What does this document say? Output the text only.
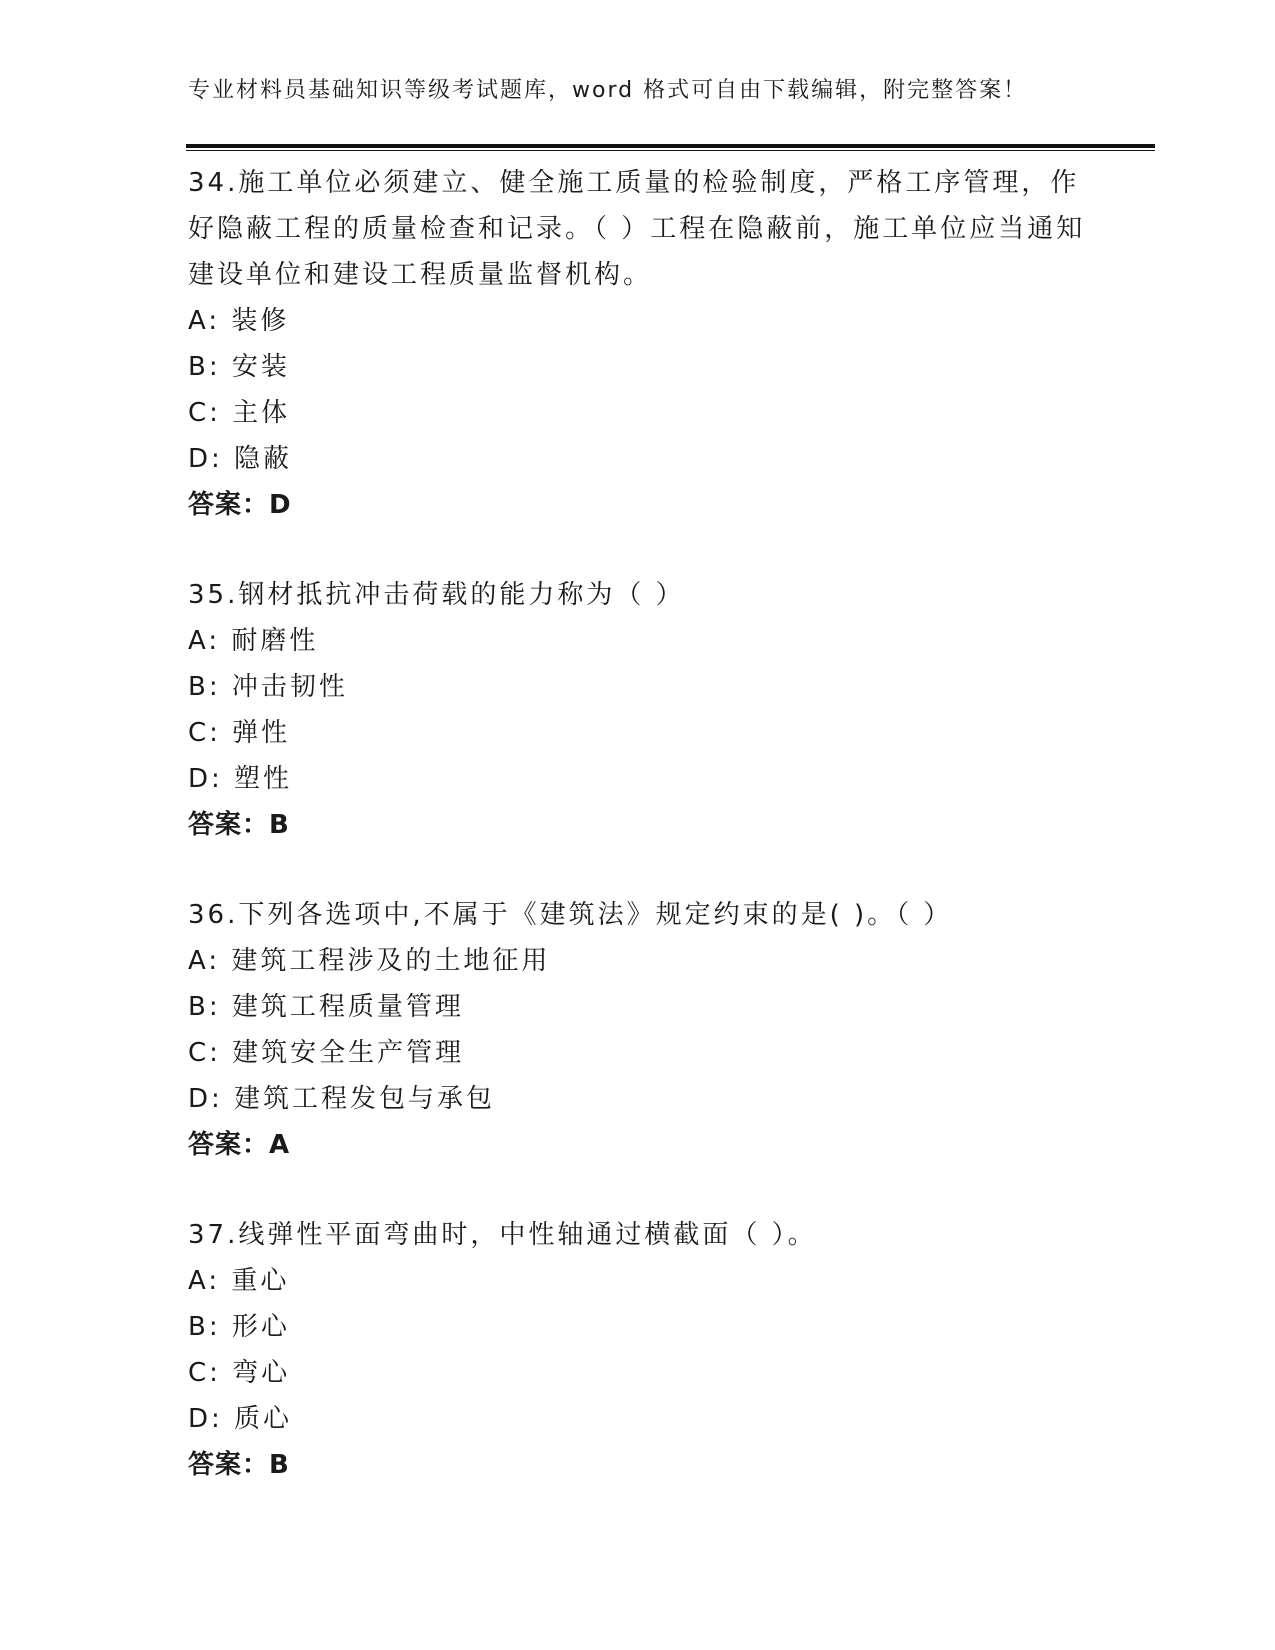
专业材料员基础知识等级考试题库，word 格式可自由下载编辑，附完整答案！
34.施工单位必须建立、健全施工质量的检验制度，严格工序管理，作好隐蔽工程的质量检查和记录。（ ）工程在隐蔽前，施工单位应当通知建设单位和建设工程质量监督机构。
A: 装修
B: 安装
C: 主体
D: 隐蔽
答案：D
35.钢材抵抗冲击荷载的能力称为（ ）
A: 耐磨性
B: 冲击韧性
C: 弹性
D: 塑性
答案：B
36.下列各选项中,不属于《建筑法》规定约束的是( )。（ ）
A: 建筑工程涉及的土地征用
B: 建筑工程质量管理
C: 建筑安全生产管理
D: 建筑工程发包与承包
答案：A
37.线弹性平面弯曲时，中性轴通过横截面（ ）。
A: 重心
B: 形心
C: 弯心
D: 质心
答案：B
